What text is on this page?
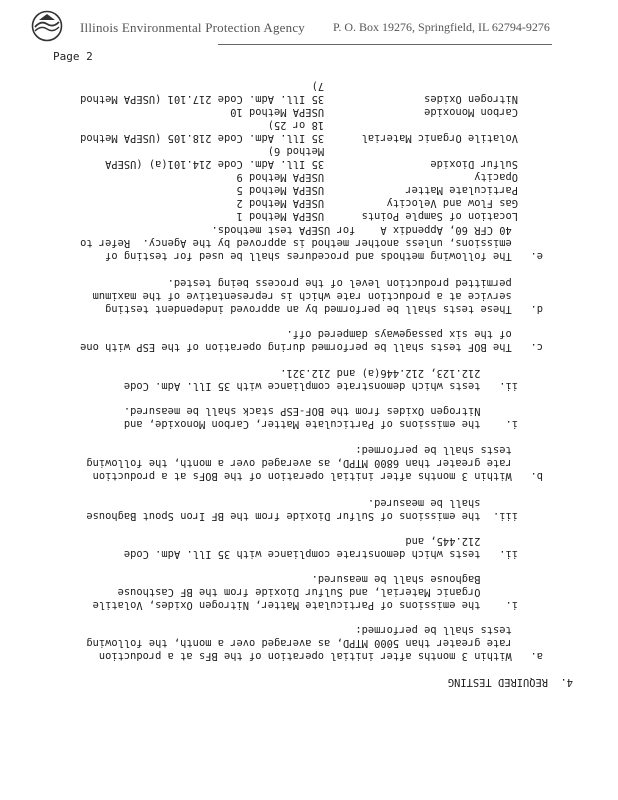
Illinois Environmental Protection Agency P. O. Box 19276, Springfield, IL 62794-9276
Page 2
4.  REQUIRED TESTING
a.   Within 3 months after initial operation of the BFs at a production
rate greater than 5000 MTPD, as averaged over a month, the following
tests shall be performed:
i.    the emissions of Particulate Matter, Nitrogen Oxides, Volatile
Organic Material, and Sulfur Dioxide from the BF Casthouse
Baghouse shall be measured.
ii.   tests which demonstrate compliance with 35 Ill. Adm. Code
212.445, and
iii.  the emissions of Sulfur Dioxide from the BF Iron Spout Baghouse
shall be measured.
b.   Within 3 months after initial operation of the BOFs at a production
rate greater than 6800 MTPD, as averaged over a month, the following
tests shall be performed:
i.    the emissions of Particulate Matter, Carbon Monoxide, and
Nitrogen Oxides from the BOF-ESP stack shall be measured.
ii.   tests which demonstrate compliance with 35 Ill. Adm. Code
212.123, 212.446(a) and 212.321.
c.   The BOF tests shall be performed during operation of the ESP with one
of the six passageways dampered off.
d.   These tests shall be performed by an approved independent testing
service at a production rate which is representative of the maximum
permitted production level of the process being tested.
e.   The following methods and procedures shall be used for testing of
emissions, unless another method is approved by the Agency.  Refer to
40 CFR 60, Appendix A    for USEPA test methods.
Location of Sample Points      USEPA Method 1
Gas Flow and Velocity          USEPA Method 2
Particulate Matter             USEPA Method 5
Opacity                        USEPA Method 9
Sulfur Dioxide                 35 Ill. Adm. Code 214.101(a) (USEPA
Method 6)
Volatile Organic Material      35 Ill. Adm. Code 218.105 (USEPA Method
18 or 25)
Carbon Monoxide                USEPA Method 10
Nitrogen Oxides                35 Ill. Adm. Code 217.101 (USEPA Method
7)
